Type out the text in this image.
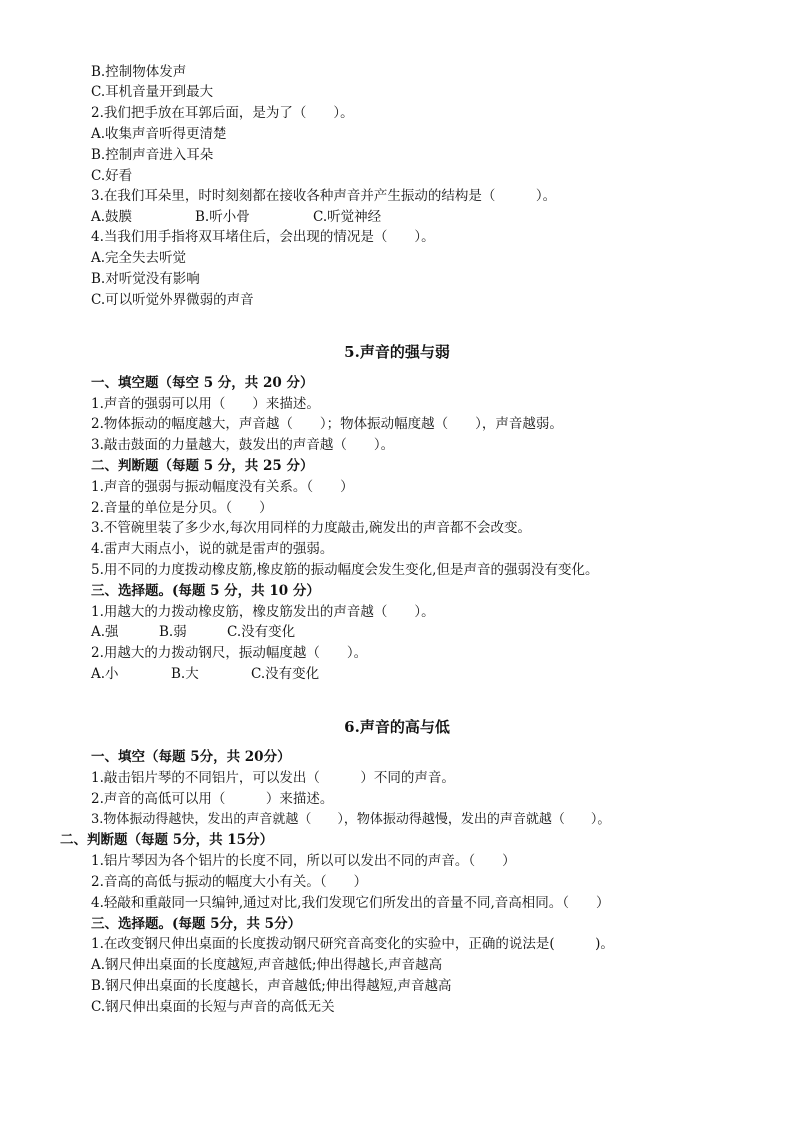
B.控制物体发声
C.耳机音量开到最大
2.我们把手放在耳郭后面，是为了（　　）。
A.收集声音听得更清楚
B.控制声音进入耳朵
C.好看
3.在我们耳朵里，时时刻刻都在接收各种声音并产生振动的结构是（　　　）。
A.鼓膜	B.听小骨	C.听觉神经
4.当我们用手指将双耳堵住后，会出现的情况是（　　）。
A.完全失去听觉
B.对听觉没有影响
C.可以听觉外界微弱的声音
5.声音的强与弱
一、填空题（每空 5 分，共 20 分）
1.声音的强弱可以用（　　）来描述。
2.物体振动的幅度越大，声音越（　　）；物体振动幅度越（　　），声音越弱。
3.敲击鼓面的力量越大，鼓发出的声音越（　　）。
二、判断题（每题 5 分，共 25 分）
1.声音的强弱与振动幅度没有关系。（　　）
2.音量的单位是分贝。（　　）
3.不管碗里装了多少水,每次用同样的力度敲击,碗发出的声音都不会改变。
4.雷声大雨点小，说的就是雷声的强弱。
5.用不同的力度拨动橡皮筋,橡皮筋的振动幅度会发生变化,但是声音的强弱没有变化。
三、选择题。(每题 5 分，共 10 分）
1.用越大的力拨动橡皮筋，橡皮筋发出的声音越（　　）。
A.强	B.弱	C.没有变化
2.用越大的力拨动钢尺，振动幅度越（　　）。
A.小	B.大	C.没有变化
6.声音的高与低
一、填空（每题 5分，共 20分）
1.敲击铝片琴的不同铝片，可以发出（　　　）不同的声音。
2.声音的高低可以用（　　　）来描述。
3.物体振动得越快，发出的声音就越（　　），物体振动得越慢，发出的声音就越（　　）。
二、判断题（每题 5分，共 15分）
1.铝片琴因为各个铝片的长度不同，所以可以发出不同的声音。（　　）
2.音高的高低与振动的幅度大小有关。（　　）
4.轻敲和重敲同一只编钟,通过对比,我们发现它们所发出的音量不同,音高相同。（　　）
三、选择题。(每题 5分，共 5分）
1.在改变钢尺伸出桌面的长度拨动钢尺研究音高变化的实验中，正确的说法是(　　　)。
A.钢尺伸出桌面的长度越短,声音越低;伸出得越长,声音越高
B.钢尺伸出桌面的长度越长，声音越低;伸出得越短,声音越高
C.钢尺伸出桌面的长短与声音的高低无关
